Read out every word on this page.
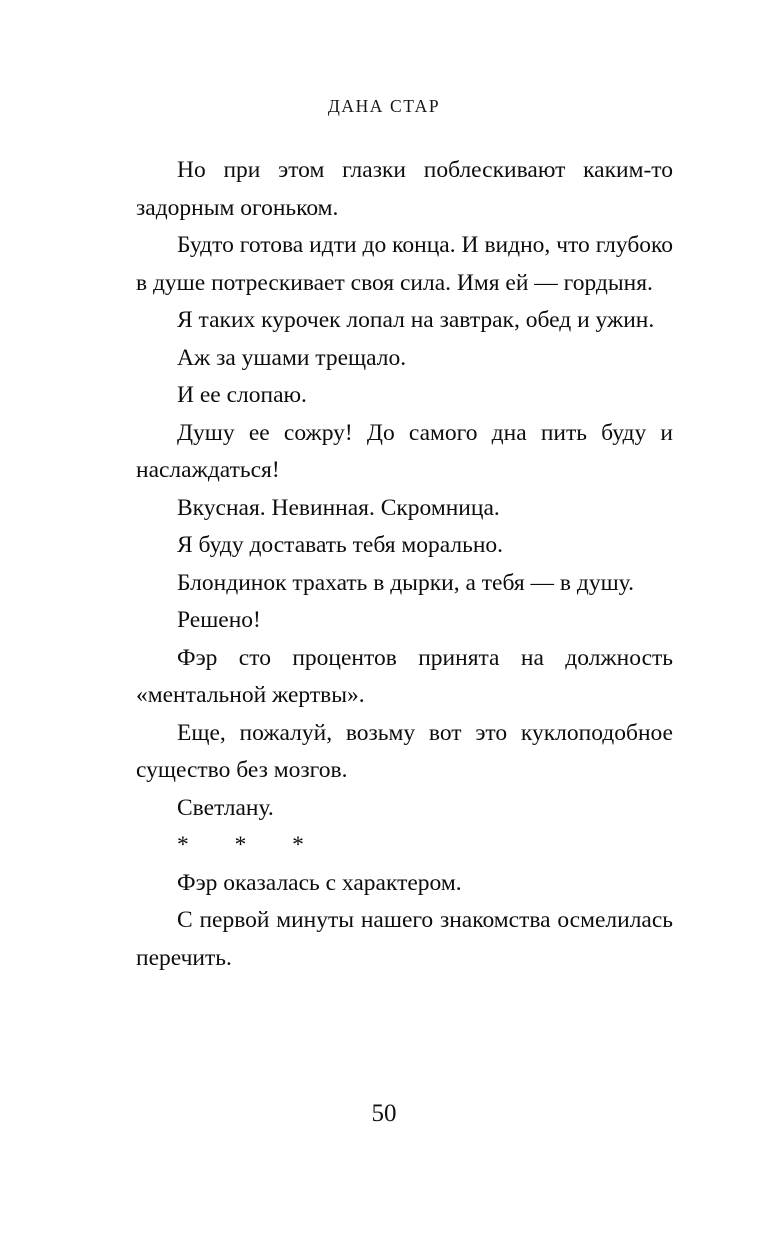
ДАНА СТАР

Но при этом глазки поблескивают каким-то задорным огоньком.

Будто готова идти до конца. И видно, что глубоко в душе потрескивает своя сила. Имя ей — гордыня.

Я таких курочек лопал на завтрак, обед и ужин.

Аж за ушами трещало.

И ее слопаю.

Душу ее сожру! До самого дна пить буду и наслаждаться!

Вкусная. Невинная. Скромница.

Я буду доставать тебя морально.

Блондинок трахать в дырки, а тебя — в душу.

Решено!

Фэр сто процентов принята на должность «ментальной жертвы».

Еще, пожалуй, возьму вот это куклоподобное существо без мозгов.

Светлану.

* * *

Фэр оказалась с характером.

С первой минуты нашего знакомства осмелилась перечить.

50
